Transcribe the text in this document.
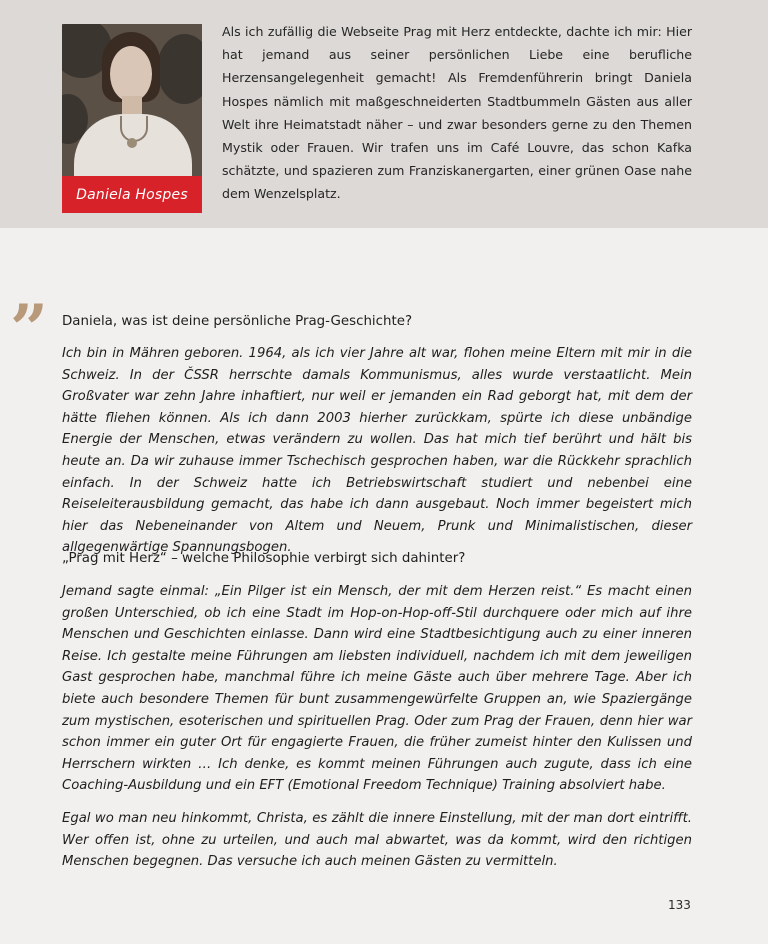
Daniela Hospes
Als ich zufällig die Webseite Prag mit Herz entdeckte, dachte ich mir: Hier hat jemand aus seiner persönlichen Liebe eine berufliche Herzensangelegenheit gemacht! Als Fremdenführerin bringt Daniela Hospes nämlich mit maßgeschneiderten Stadtbummeln Gästen aus aller Welt ihre Heimatstadt näher – und zwar besonders gerne zu den Themen Mystik oder Frauen. Wir trafen uns im Café Louvre, das schon Kafka schätzte, und spazieren zum Franziskanergarten, einer grünen Oase nahe dem Wenzelsplatz.
” Daniela, was ist deine persönliche Prag-Geschichte?
Ich bin in Mähren geboren. 1964, als ich vier Jahre alt war, flohen meine Eltern mit mir in die Schweiz. In der ČSSR herrschte damals Kommunismus, alles wurde verstaatlicht. Mein Großvater war zehn Jahre inhaftiert, nur weil er jemanden ein Rad geborgt hat, mit dem der hätte fliehen können. Als ich dann 2003 hierher zurückkam, spürte ich diese unbändige Energie der Menschen, etwas verändern zu wollen. Das hat mich tief berührt und hält bis heute an. Da wir zuhause immer Tschechisch gesprochen haben, war die Rückkehr sprachlich einfach. In der Schweiz hatte ich Betriebswirtschaft studiert und nebenbei eine Reiseleiterausbildung gemacht, das habe ich dann ausgebaut. Noch immer begeistert mich hier das Nebeneinander von Altem und Neuem, Prunk und Minimalistischen, dieser allgegenwärtige Spannungsbogen.
„Prag mit Herz“ – welche Philosophie verbirgt sich dahinter?
Jemand sagte einmal: „Ein Pilger ist ein Mensch, der mit dem Herzen reist.“ Es macht einen großen Unterschied, ob ich eine Stadt im Hop-on-Hop-off-Stil durchquere oder mich auf ihre Menschen und Geschichten einlasse. Dann wird eine Stadtbesichtigung auch zu einer inneren Reise. Ich gestalte meine Führungen am liebsten individuell, nachdem ich mit dem jeweiligen Gast gesprochen habe, manchmal führe ich meine Gäste auch über mehrere Tage. Aber ich biete auch besondere Themen für bunt zusammengewürfelte Gruppen an, wie Spaziergänge zum mystischen, esoterischen und spirituellen Prag. Oder zum Prag der Frauen, denn hier war schon immer ein guter Ort für engagierte Frauen, die früher zumeist hinter den Kulissen und Herrschern wirkten … Ich denke, es kommt meinen Führungen auch zugute, dass ich eine Coaching-Ausbildung und ein EFT (Emotional Freedom Technique) Training absolviert habe.
Egal wo man neu hinkommt, Christa, es zählt die innere Einstellung, mit der man dort eintrifft. Wer offen ist, ohne zu urteilen, und auch mal abwartet, was da kommt, wird den richtigen Menschen begegnen. Das versuche ich auch meinen Gästen zu vermitteln.
133
